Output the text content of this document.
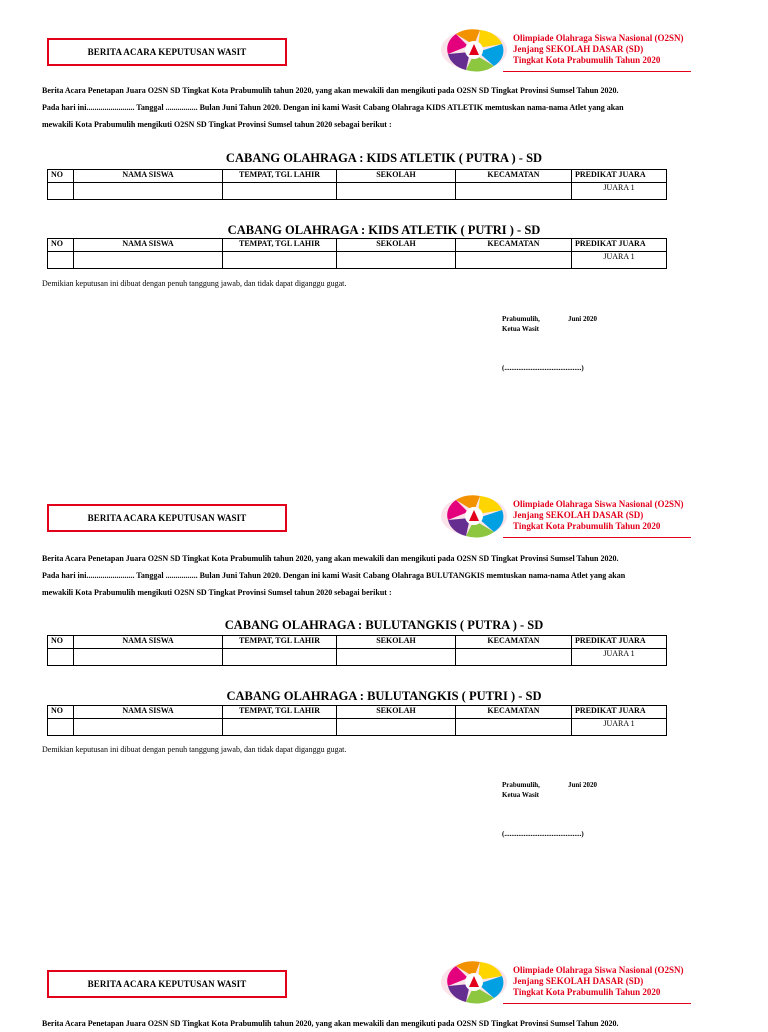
BERITA ACARA KEPUTUSAN WASIT
Olimpiade Olahraga Siswa Nasional (O2SN)
Jenjang SEKOLAH DASAR (SD)
Tingkat Kota Prabumulih Tahun 2020
Berita Acara Penetapan Juara O2SN SD Tingkat Kota Prabumulih tahun 2020, yang akan mewakili dan mengikuti pada O2SN SD Tingkat Provinsi Sumsel Tahun 2020.
Pada hari ini........................ Tanggal ................ Bulan Juni Tahun 2020. Dengan ini kami Wasit Cabang Olahraga KIDS ATLETIK memtuskan nama-nama Atlet yang akan
mewakili Kota Prabumulih mengikuti O2SN SD Tingkat Provinsi Sumsel tahun 2020 sebagai berikut :
CABANG OLAHRAGA : KIDS ATLETIK ( PUTRA ) - SD
NO	NAMA SISWA	TEMPAT, TGL LAHIR	SEKOLAH	KECAMATAN	PREDIKAT JUARA
					JUARA 1
CABANG OLAHRAGA : KIDS ATLETIK ( PUTRI ) - SD
NO	NAMA SISWA	TEMPAT, TGL LAHIR	SEKOLAH	KECAMATAN	PREDIKAT JUARA
					JUARA 1
Demikian keputusan ini dibuat dengan penuh tanggung jawab, dan tidak dapat diganggu gugat.
Prabumulih,
Ketua Wasit
Juni 2020
(............................................)
BERITA ACARA KEPUTUSAN WASIT
Olimpiade Olahraga Siswa Nasional (O2SN)
Jenjang SEKOLAH DASAR (SD)
Tingkat Kota Prabumulih Tahun 2020
Berita Acara Penetapan Juara O2SN SD Tingkat Kota Prabumulih tahun 2020, yang akan mewakili dan mengikuti pada O2SN SD Tingkat Provinsi Sumsel Tahun 2020.
Pada hari ini........................ Tanggal ................ Bulan Juni Tahun 2020. Dengan ini kami Wasit Cabang Olahraga BULUTANGKIS memtuskan nama-nama Atlet yang akan
mewakili Kota Prabumulih mengikuti O2SN SD Tingkat Provinsi Sumsel tahun 2020 sebagai berikut :
CABANG OLAHRAGA : BULUTANGKIS ( PUTRA ) - SD
NO	NAMA SISWA	TEMPAT, TGL LAHIR	SEKOLAH	KECAMATAN	PREDIKAT JUARA
					JUARA 1
CABANG OLAHRAGA : BULUTANGKIS ( PUTRI ) - SD
NO	NAMA SISWA	TEMPAT, TGL LAHIR	SEKOLAH	KECAMATAN	PREDIKAT JUARA
					JUARA 1
Demikian keputusan ini dibuat dengan penuh tanggung jawab, dan tidak dapat diganggu gugat.
Prabumulih,
Ketua Wasit
Juni 2020
(............................................)
BERITA ACARA KEPUTUSAN WASIT
Olimpiade Olahraga Siswa Nasional (O2SN)
Jenjang SEKOLAH DASAR (SD)
Tingkat Kota Prabumulih Tahun 2020
Berita Acara Penetapan Juara O2SN SD Tingkat Kota Prabumulih tahun 2020, yang akan mewakili dan mengikuti pada O2SN SD Tingkat Provinsi Sumsel Tahun 2020.
